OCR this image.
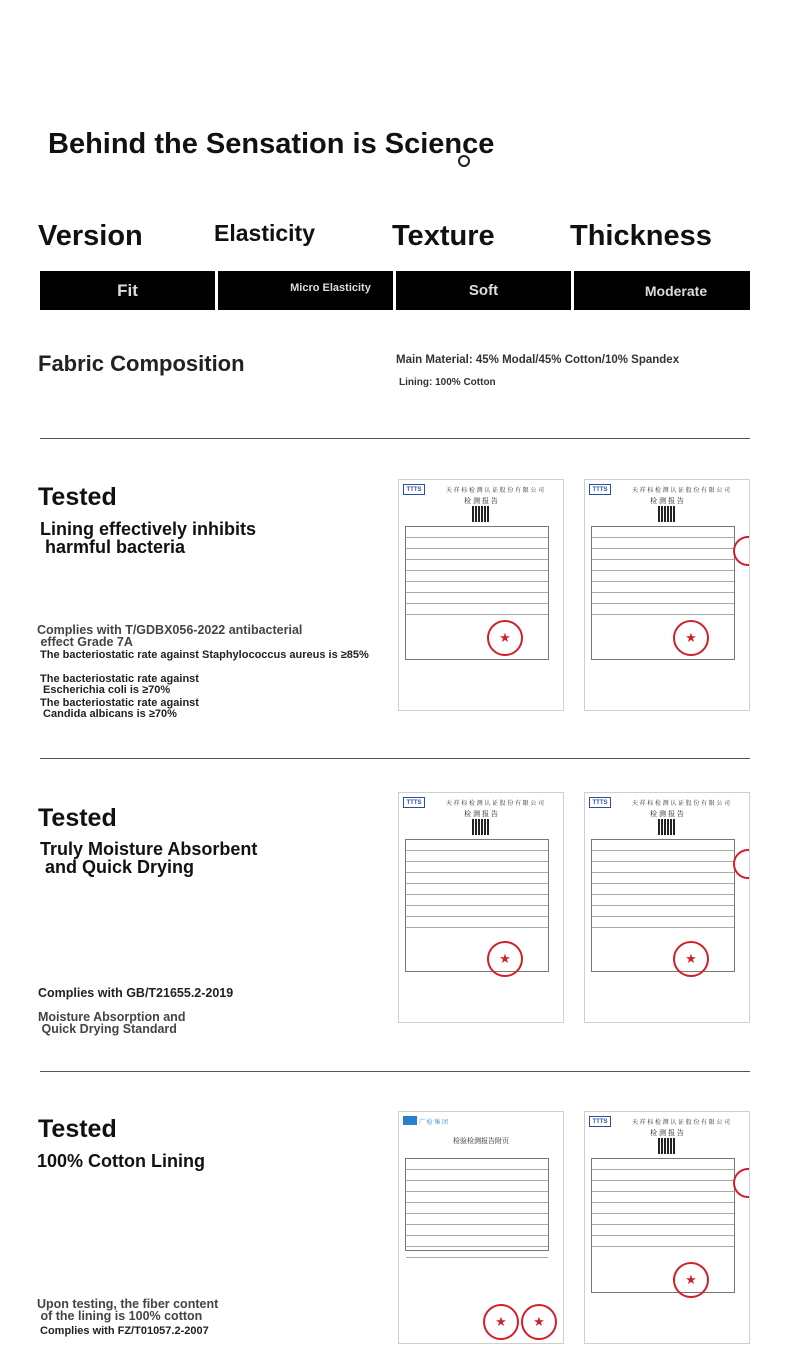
Behind the Sensation is Science
Version	Elasticity	Texture	Thickness
Fit	Micro Elasticity	Soft	Moderate
Fabric Composition	Main Material: 45% Modal/45% Cotton/10% Spandex
Lining: 100% Cotton
Tested
Lining effectively inhibits
harmful bacteria
Complies with T/GDBX056-2022 antibacterial
effect Grade 7A
The bacteriostatic rate against Staphylococcus aureus is ≥85%
The bacteriostatic rate against
Escherichia coli is ≥70%
The bacteriostatic rate against
Candida albicans is ≥70%
TTTS	天 祥 标 检 测 认 证 股 份 有 限 公 司
检 测 报 告
★
TTTS	天 祥 标 检 测 认 证 股 份 有 限 公 司
检 测 报 告
★
Tested
Truly Moisture Absorbent
and Quick Drying
Complies with GB/T21655.2-2019
Moisture Absorption and
Quick Drying Standard
TTTS	天 祥 标 检 测 认 证 股 份 有 限 公 司
检 测 报 告
★
TTTS	天 祥 标 检 测 认 证 股 份 有 限 公 司
检 测 报 告
★
Tested
100% Cotton Lining
Upon testing, the fiber content
of the lining is 100% cotton
Complies with FZ/T01057.2-2007
广 检 集 团
检验检测报告附页
★	★
TTTS	天 祥 标 检 测 认 证 股 份 有 限 公 司
检 测 报 告
★
